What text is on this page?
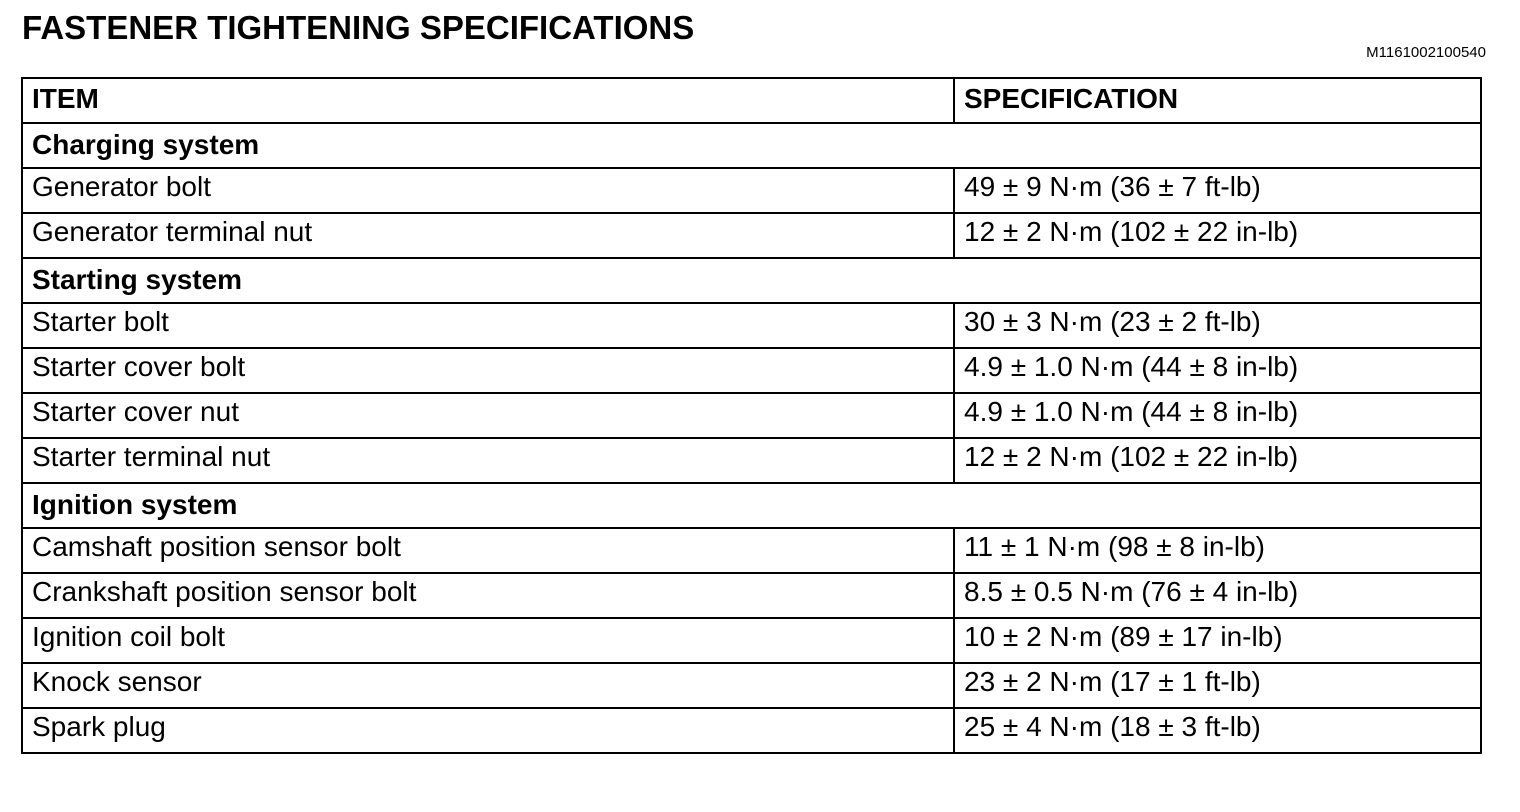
FASTENER TIGHTENING SPECIFICATIONS
M1161002100540
ITEM	SPECIFICATION
Charging system	
Generator bolt	49 ± 9 N·m (36 ± 7 ft-lb)
Generator terminal nut	12 ± 2 N·m (102 ± 22 in-lb)
Starting system	
Starter bolt	30 ± 3 N·m (23 ± 2 ft-lb)
Starter cover bolt	4.9 ± 1.0 N·m (44 ± 8 in-lb)
Starter cover nut	4.9 ± 1.0 N·m (44 ± 8 in-lb)
Starter terminal nut	12 ± 2 N·m (102 ± 22 in-lb)
Ignition system	
Camshaft position sensor bolt	11 ± 1 N·m (98 ± 8 in-lb)
Crankshaft position sensor bolt	8.5 ± 0.5 N·m (76 ± 4 in-lb)
Ignition coil bolt	10 ± 2 N·m (89 ± 17 in-lb)
Knock sensor	23 ± 2 N·m (17 ± 1 ft-lb)
Spark plug	25 ± 4 N·m (18 ± 3 ft-lb)
